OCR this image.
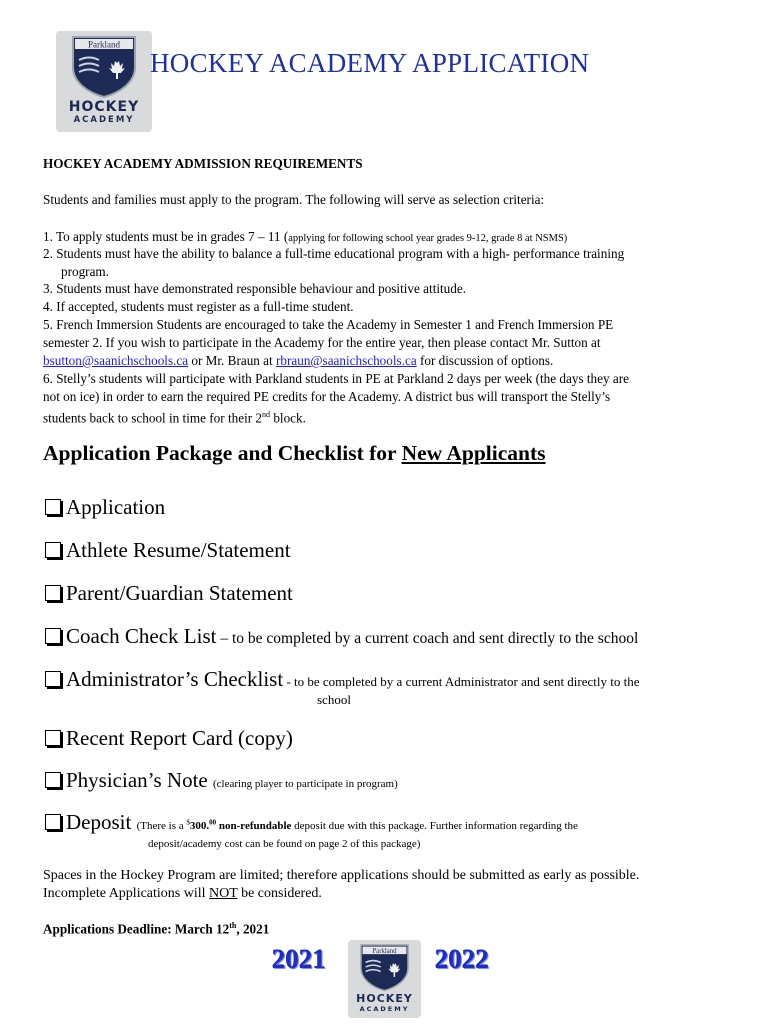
Parkland
HOCKEY
ACADEMY
HOCKEY ACADEMY APPLICATION
HOCKEY ACADEMY ADMISSION REQUIREMENTS
Students and families must apply to the program. The following will serve as selection criteria:
1. To apply students must be in grades 7 – 11 (applying for following school year grades 9-12, grade 8 at NSMS)
2. Students must have the ability to balance a full-time educational program with a high- performance training
program.
3. Students must have demonstrated responsible behaviour and positive attitude.
4. If accepted, students must register as a full-time student.
5. French Immersion Students are encouraged to take the Academy in Semester 1 and French Immersion PE
semester 2. If you wish to participate in the Academy for the entire year, then please contact Mr. Sutton at
bsutton@saanichschools.ca or Mr. Braun at rbraun@saanichschools.ca for discussion of options.
6. Stelly’s students will participate with Parkland students in PE at Parkland 2 days per week (the days they are
not on ice) in order to earn the required PE credits for the Academy. A district bus will transport the Stelly’s
students back to school in time for their 2nd block.
Application Package and Checklist for New Applicants
Application
Athlete Resume/Statement
Parent/Guardian Statement
Coach Check List – to be completed by a current coach and sent directly to the school
Administrator’s Checklist - to be completed by a current Administrator and sent directly to the
school
Recent Report Card (copy)
Physician’s Note (clearing player to participate in program)
Deposit (There is a $300.00 non-refundable deposit due with this package. Further information regarding the
deposit/academy cost can be found on page 2 of this package)
Spaces in the Hockey Program are limited; therefore applications should be submitted as early as possible.
Incomplete Applications will NOT be considered.
Applications Deadline: March 12th, 2021
2021	2022
Parkland
HOCKEY
ACADEMY
